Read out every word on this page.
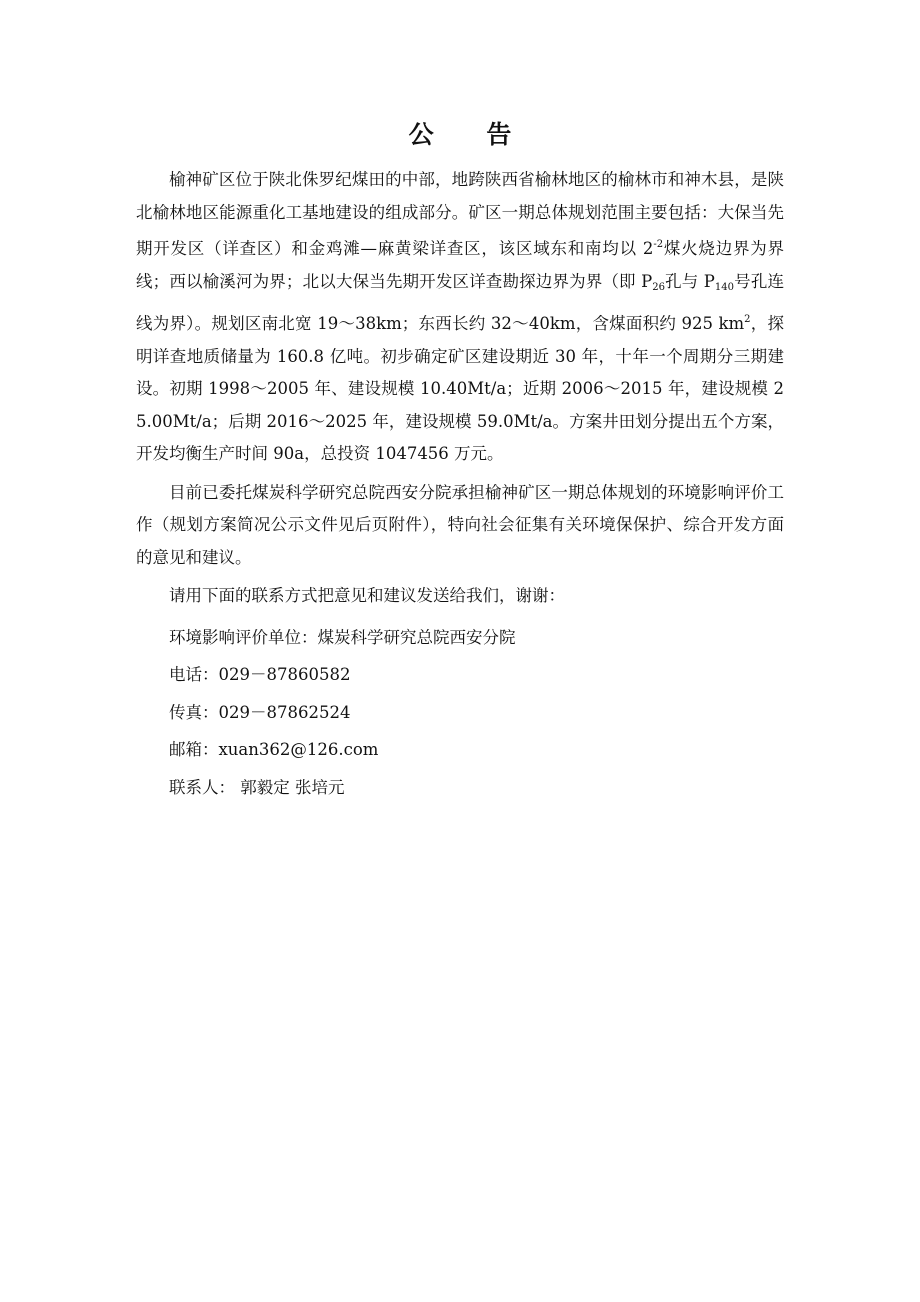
公 告

榆神矿区位于陕北侏罗纪煤田的中部，地跨陕西省榆林地区的榆林市和神木县，是陕北榆林地区能源重化工基地建设的组成部分。矿区一期总体规划范围主要包括：大保当先期开发区（详查区）和金鸡滩—麻黄梁详查区，该区域东和南均以 $2^{-2}$煤火烧边界为界线；西以榆溪河为界；北以大保当先期开发区详查勘探边界为界（即 $P_{26}$孔与 $P_{140}$号孔连线为界）。规划区南北宽 19～38km；东西长约 32～40km，含煤面积约 925 $km^2$，探明详查地质储量为 160.8 亿吨。初步确定矿区建设期近 30 年，十年一个周期分三期建设。初期 1998～2005 年、建设规模 10.40Mt/a；近期 2006～2015 年，建设规模 25.00Mt/a；后期 2016～2025 年，建设规模 59.0Mt/a。方案井田划分提出五个方案，开发均衡生产时间 90a，总投资 1047456 万元。

目前已委托煤炭科学研究总院西安分院承担榆神矿区一期总体规划的环境影响评价工作（规划方案简况公示文件见后页附件），特向社会征集有关环境保保护、综合开发方面的意见和建议。

请用下面的联系方式把意见和建议发送给我们，谢谢：

环境影响评价单位：煤炭科学研究总院西安分院

电话：029－87860582

传真：029－87862524

邮箱：xuan362@126.com

联系人： 郭毅定 张培元
